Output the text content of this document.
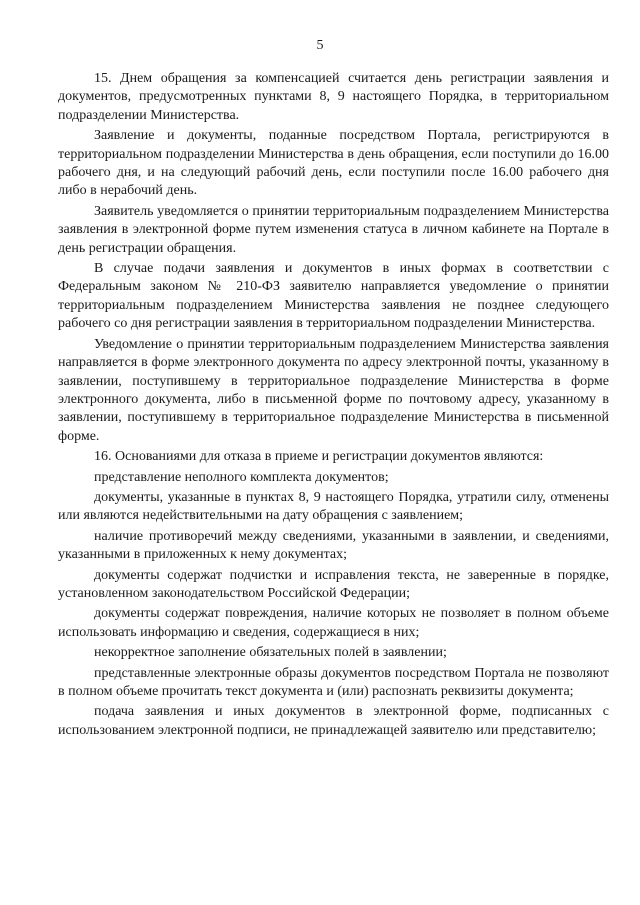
5

15. Днем обращения за компенсацией считается день регистрации заявления и документов, предусмотренных пунктами 8, 9 настоящего Порядка, в территориальном подразделении Министерства.

Заявление и документы, поданные посредством Портала, регистрируются в территориальном подразделении Министерства в день обращения, если поступили до 16.00 рабочего дня, и на следующий рабочий день, если поступили после 16.00 рабочего дня либо в нерабочий день.

Заявитель уведомляется о принятии территориальным подразделением Министерства заявления в электронной форме путем изменения статуса в личном кабинете на Портале в день регистрации обращения.

В случае подачи заявления и документов в иных формах в соответствии с Федеральным законом № 210-ФЗ заявителю направляется уведомление о принятии территориальным подразделением Министерства заявления не позднее следующего рабочего со дня регистрации заявления в территориальном подразделении Министерства.

Уведомление о принятии территориальным подразделением Министерства заявления направляется в форме электронного документа по адресу электронной почты, указанному в заявлении, поступившему в территориальное подразделение Министерства в форме электронного документа, либо в письменной форме по почтовому адресу, указанному в заявлении, поступившему в территориальное подразделение Министерства в письменной форме.

16. Основаниями для отказа в приеме и регистрации документов являются:

представление неполного комплекта документов;

документы, указанные в пунктах 8, 9 настоящего Порядка, утратили силу, отменены или являются недействительными на дату обращения с заявлением;

наличие противоречий между сведениями, указанными в заявлении, и сведениями, указанными в приложенных к нему документах;

документы содержат подчистки и исправления текста, не заверенные в порядке, установленном законодательством Российской Федерации;

документы содержат повреждения, наличие которых не позволяет в полном объеме использовать информацию и сведения, содержащиеся в них;

некорректное заполнение обязательных полей в заявлении;

представленные электронные образы документов посредством Портала не позволяют в полном объеме прочитать текст документа и (или) распознать реквизиты документа;

подача заявления и иных документов в электронной форме, подписанных с использованием электронной подписи, не принадлежащей заявителю или представителю;
